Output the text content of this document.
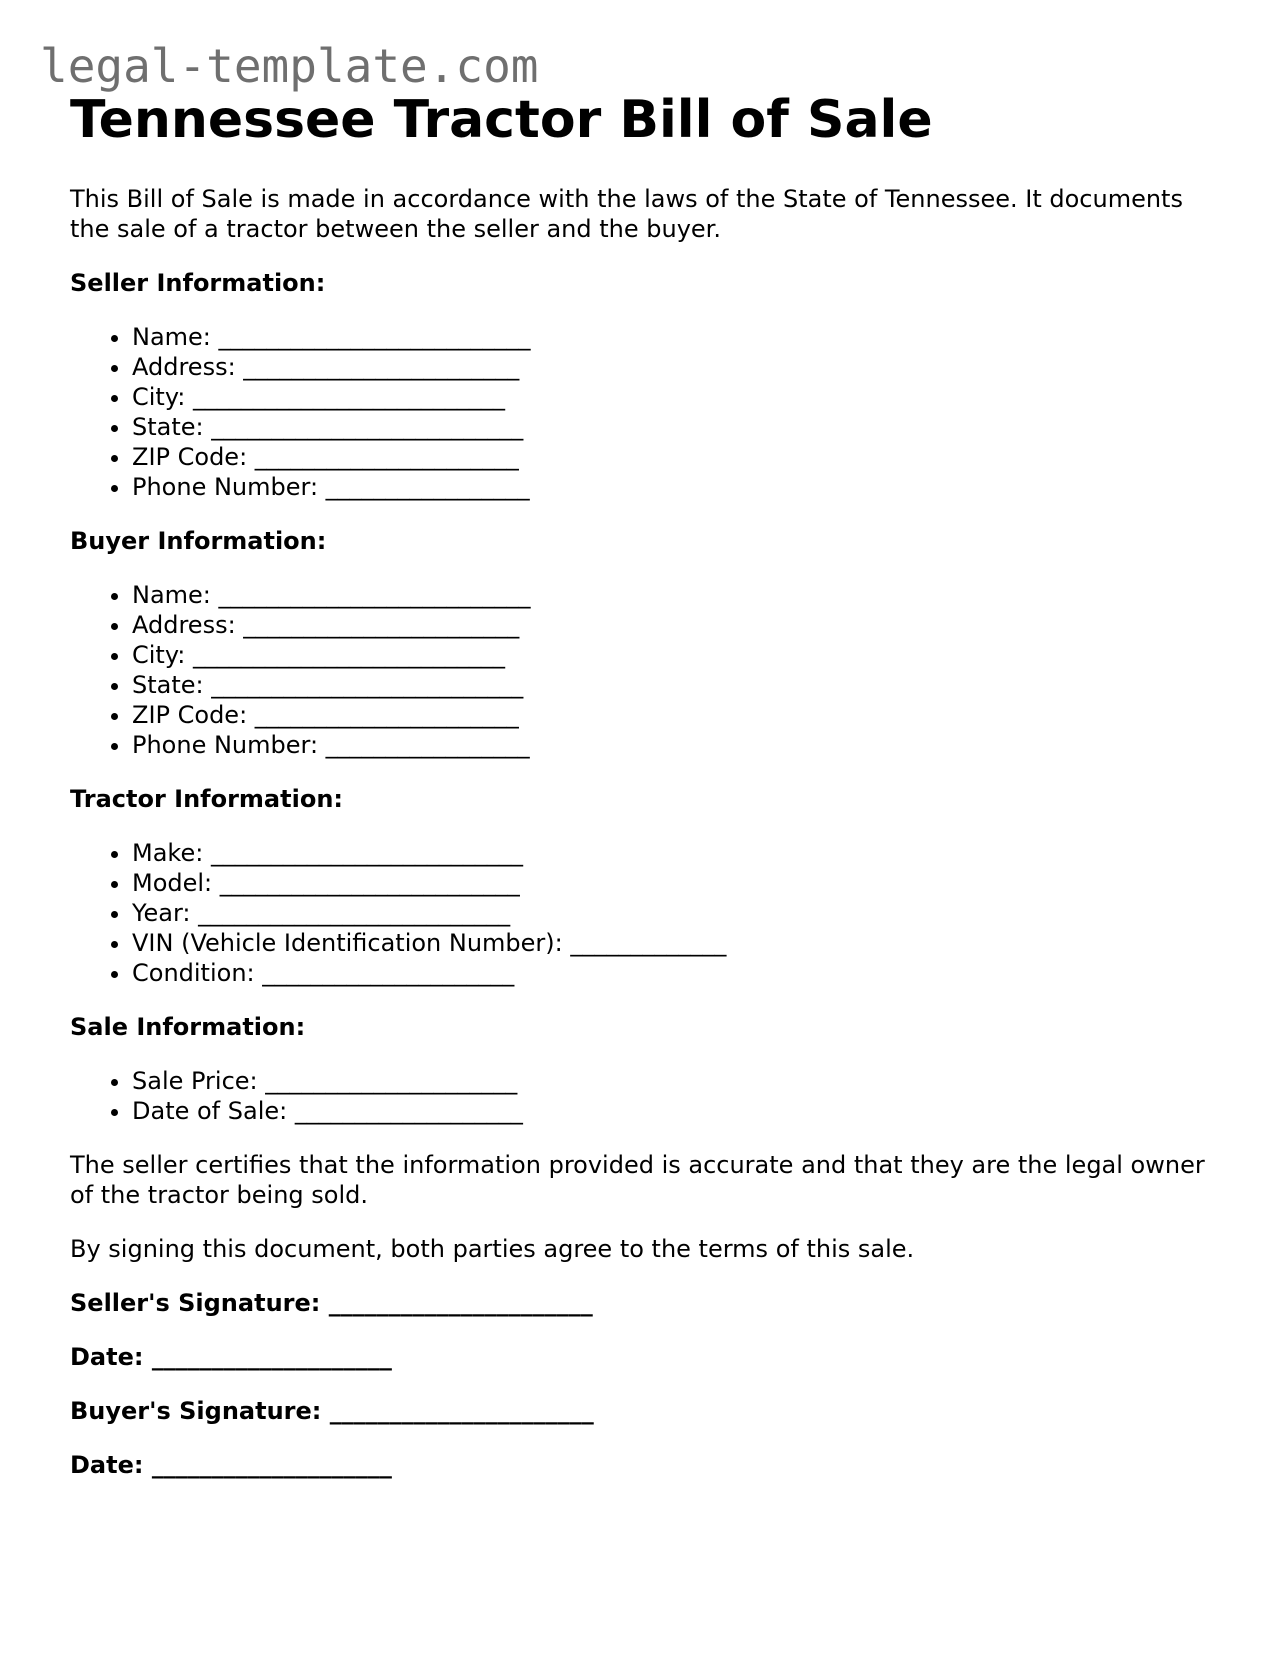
legal-template.com
Tennessee Tractor Bill of Sale

This Bill of Sale is made in accordance with the laws of the State of Tennessee. It documents the sale of a tractor between the seller and the buyer.

Seller Information:
• Name: __________________________
• Address: _______________________
• City: __________________________
• State: __________________________
• ZIP Code: ______________________
• Phone Number: _________________
Buyer Information:
• Name: __________________________
• Address: _______________________
• City: __________________________
• State: __________________________
• ZIP Code: ______________________
• Phone Number: _________________
Tractor Information:
• Make: __________________________
• Model: _________________________
• Year: __________________________
• VIN (Vehicle Identification Number): _____________
• Condition: _____________________
Sale Information:
• Sale Price: _____________________
• Date of Sale: ___________________

The seller certifies that the information provided is accurate and that they are the legal owner of the tractor being sold.

By signing this document, both parties agree to the terms of this sale.

Seller's Signature: ______________________
Date: ____________________
Buyer's Signature: ______________________
Date: ____________________
